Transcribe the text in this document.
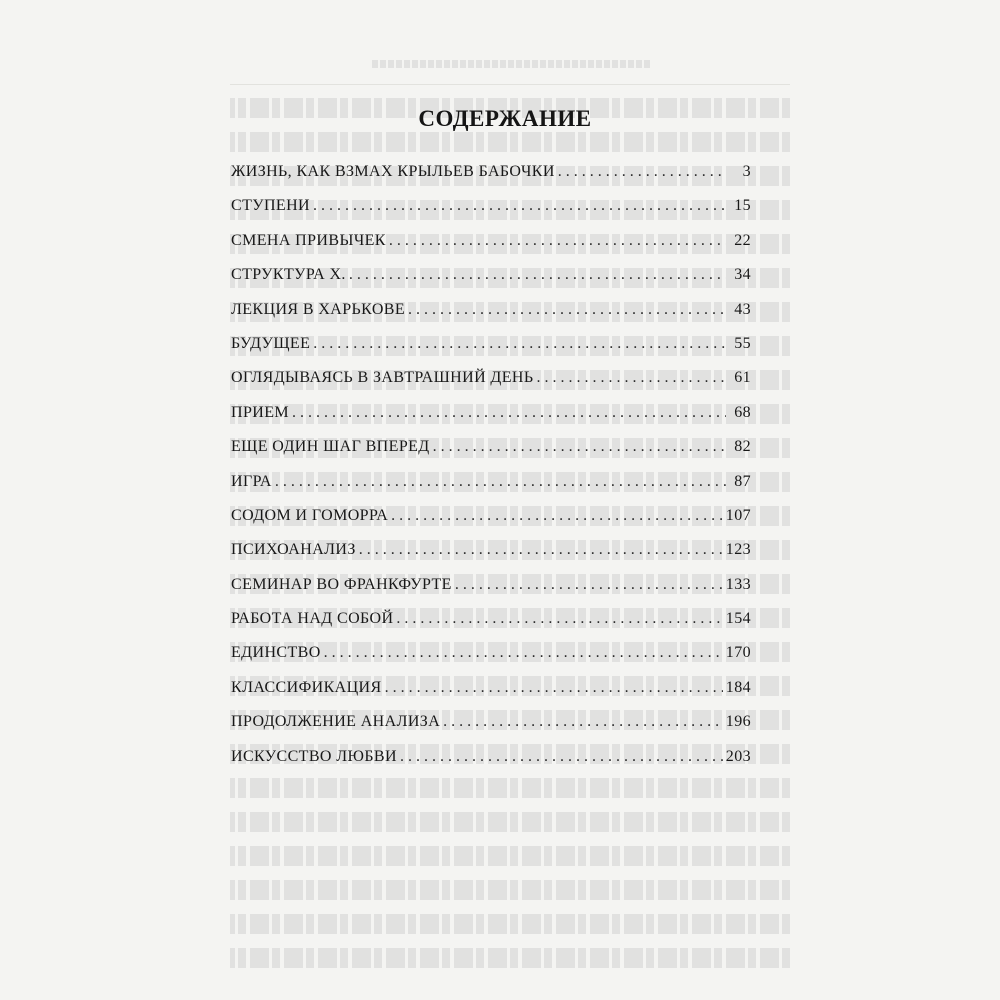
СОДЕРЖАНИЕ
ЖИЗНЬ, КАК ВЗМАХ КРЫЛЬЕВ БАБОЧКИ . . .	3
СТУПЕНИ . . .	15
СМЕНА ПРИВЫЧЕК . . .	22
СТРУКТУРА Х. . . .	34
ЛЕКЦИЯ В ХАРЬКОВЕ . . .	43
БУДУЩЕЕ . . .	55
ОГЛЯДЫВАЯСЬ В ЗАВТРАШНИЙ ДЕНЬ . . .	61
ПРИЕМ . . .	68
ЕЩЕ ОДИН ШАГ ВПЕРЕД . . .	82
ИГРА . . .	87
СОДОМ И ГОМОРРА . . .	107
ПСИХОАНАЛИЗ . . .	123
СЕМИНАР ВО ФРАНКФУРТЕ . . .	133
РАБОТА НАД СОБОЙ . . .	154
ЕДИНСТВО . . .	170
КЛАССИФИКАЦИЯ . . .	184
ПРОДОЛЖЕНИЕ АНАЛИЗА . . .	196
ИСКУССТВО ЛЮБВИ . . .	203
